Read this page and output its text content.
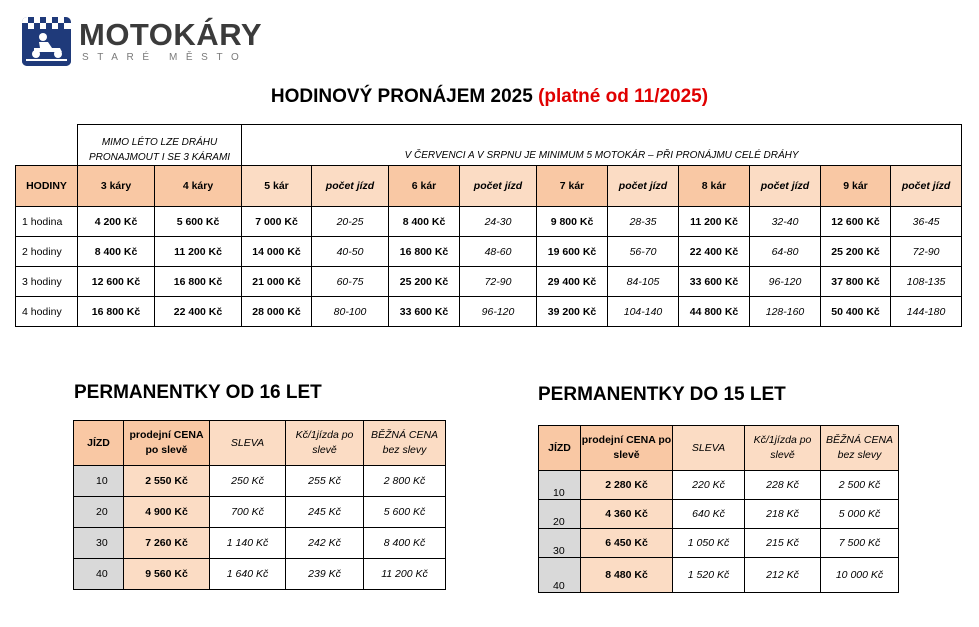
MOTOKÁRY
STARÉ MĚSTO
HODINOVÝ PRONÁJEM 2025 (platné od 11/2025)
	MIMO LÉTO LZE DRÁHU PRONAJMOUT I SE 3 KÁRAMI		V ČERVENCI A V SRPNU JE MINIMUM 5 MOTOKÁR – PŘI PRONÁJMU CELÉ DRÁHY									
HODINY	3 káry	4 káry	5 kár	počet jízd	6 kár	počet jízd	7 kár	počet jízd	8 kár	počet jízd	9 kár	počet jízd
1 hodina	4 200 Kč	5 600 Kč	7 000 Kč	20-25	8 400 Kč	24-30	9 800 Kč	28-35	11 200 Kč	32-40	12 600 Kč	36-45
2 hodiny	8 400 Kč	11 200 Kč	14 000 Kč	40-50	16 800 Kč	48-60	19 600 Kč	56-70	22 400 Kč	64-80	25 200 Kč	72-90
3 hodiny	12 600 Kč	16 800 Kč	21 000 Kč	60-75	25 200 Kč	72-90	29 400 Kč	84-105	33 600 Kč	96-120	37 800 Kč	108-135
4 hodiny	16 800 Kč	22 400 Kč	28 000 Kč	80-100	33 600 Kč	96-120	39 200 Kč	104-140	44 800 Kč	128-160	50 400 Kč	144-180
PERMANENTKY OD 16 LET
JÍZD	prodejní CENA po slevě	SLEVA	Kč/1jízda po slevě	BĚŽNÁ CENA bez slevy
10	2 550 Kč	250 Kč	255 Kč	2 800 Kč
20	4 900 Kč	700 Kč	245 Kč	5 600 Kč
30	7 260 Kč	1 140 Kč	242 Kč	8 400 Kč
40	9 560 Kč	1 640 Kč	239 Kč	11 200 Kč
PERMANENTKY DO 15 LET
JÍZD	prodejní CENA po slevě	SLEVA	Kč/1jízda po slevě	BĚŽNÁ CENA bez slevy
10	2 280 Kč	220 Kč	228 Kč	2 500 Kč
20	4 360 Kč	640 Kč	218 Kč	5 000 Kč
30	6 450 Kč	1 050 Kč	215 Kč	7 500 Kč
40	8 480 Kč	1 520 Kč	212 Kč	10 000 Kč
